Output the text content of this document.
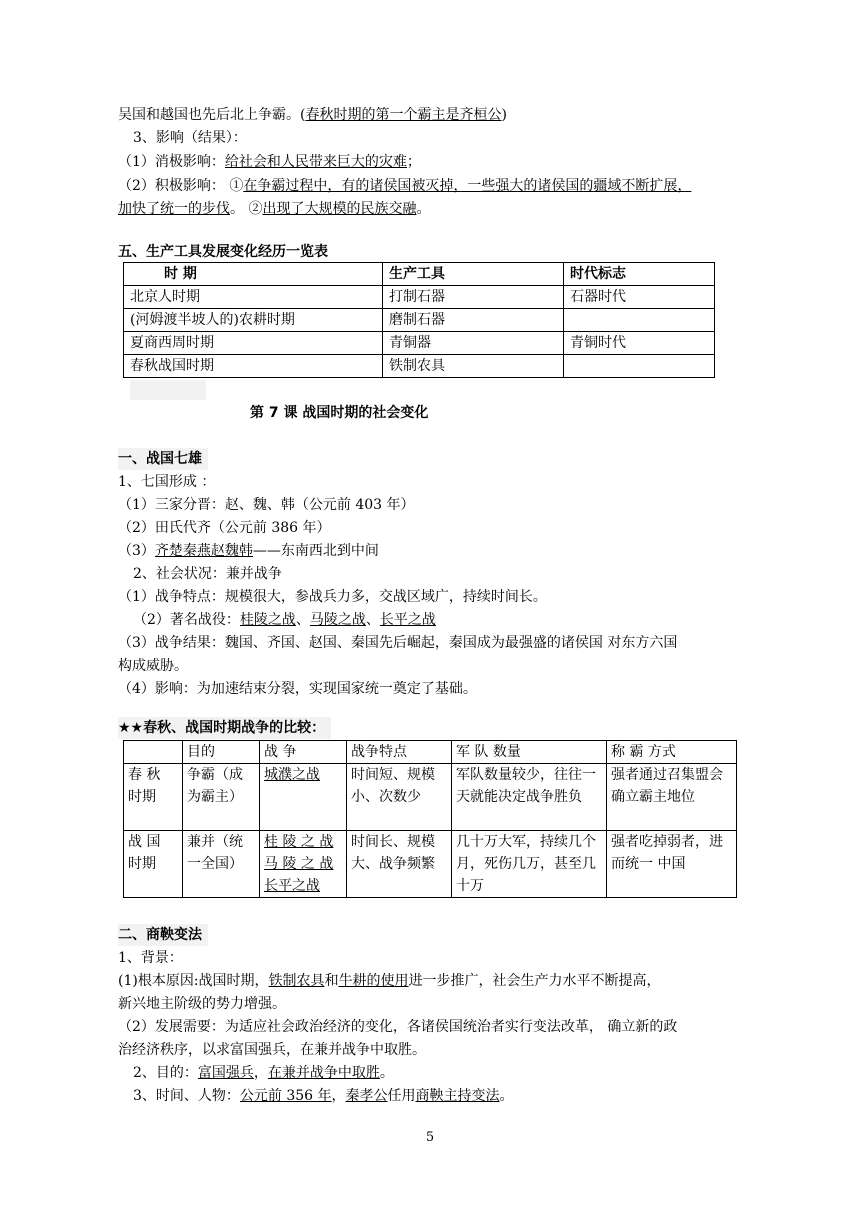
吴国和越国也先后北上争霸。(春秋时期的第一个霸主是齐桓公)
3、影响（结果）：
（1）消极影响：给社会和人民带来巨大的灾难；
（2）积极影响： ①在争霸过程中，有的诸侯国被灭掉，一些强大的诸侯国的疆域不断扩展，
加快了统一的步伐。 ②出现了大规模的民族交融。
五、生产工具发展变化经历一览表
时 期	生产工具	时代标志
北京人时期	打制石器	石器时代
(河姆渡半坡人的)农耕时期	磨制石器	
夏商西周时期	青铜器	青铜时代
春秋战国时期	铁制农具	
第 7 课 战国时期的社会变化
一、战国七雄
1、七国形成 ：
（1）三家分晋：赵、魏、韩（公元前 403 年）
（2）田氏代齐（公元前 386 年）
（3）齐楚秦燕赵魏韩——东南西北到中间
2、社会状况：兼并战争
（1）战争特点：规模很大，参战兵力多，交战区域广，持续时间长。
（2）著名战役：桂陵之战、马陵之战、长平之战
（3）战争结果：魏国、齐国、赵国、秦国先后崛起，秦国成为最强盛的诸侯国 对东方六国
构成威胁。
（4）影响：为加速结束分裂，实现国家统一奠定了基础。
★★春秋、战国时期战争的比较：
	目的	战 争	战争特点	军 队 数量	称 霸 方式
春 秋 时期	争霸（成为霸主）	城濮之战	时间短、规模小、次数少	军队数量较少，往往一天就能决定战争胜负	强者通过召集盟会确立霸主地位
战 国 时期	兼并（统一全国）	桂 陵 之 战
马 陵 之 战
长平之战	时间长、规模大、战争频繁	几十万大军，持续几个月，死伤几万，甚至几十万	强者吃掉弱者，进而统一 中国
二、商鞅变法
1、背景：
(1)根本原因:战国时期，铁制农具和牛耕的使用进一步推广，社会生产力水平不断提高，
新兴地主阶级的势力增强。
（2）发展需要：为适应社会政治经济的变化，各诸侯国统治者实行变法改革， 确立新的政
治经济秩序，以求富国强兵，在兼并战争中取胜。
2、目的：富国强兵，在兼并战争中取胜。
3、时间、人物：公元前 356 年，秦孝公任用商鞅主持变法。
5
